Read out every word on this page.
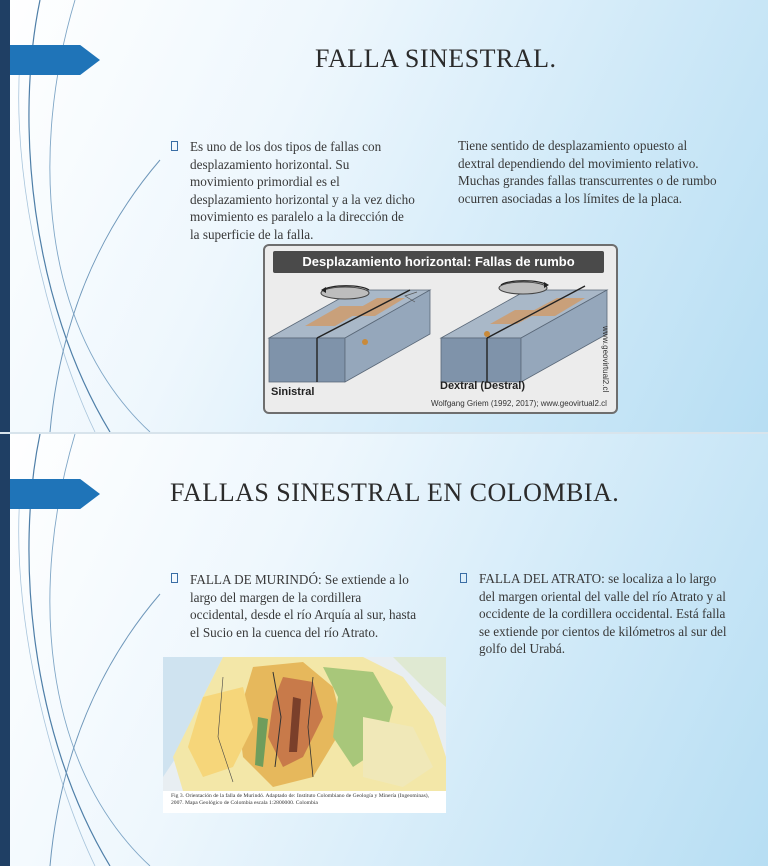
FALLA SINESTRAL.

Es uno de los dos tipos de fallas con desplazamiento horizontal. Su movimiento primordial es el desplazamiento horizontal y a la vez dicho movimiento es paralelo a la dirección de la superficie de la falla.

Tiene sentido de desplazamiento opuesto al dextral dependiendo del movimiento relativo. Muchas grandes fallas transcurrentes o de rumbo ocurren asociadas a los límites de la placa.

Desplazamiento horizontal: Fallas de rumbo
Sinistral	Dextral (Destral)
Wolfgang Griem (1992, 2017); www.geovirtual2.cl
www.geovirtual2.cl
FALLAS SINESTRAL EN COLOMBIA.

FALLA DE MURINDÓ: Se extiende a lo largo del margen de la cordillera occidental, desde el río Arquía al sur, hasta el Sucio en la cuenca del río Atrato.

FALLA DEL ATRATO: se localiza a lo largo del margen oriental del valle del río Atrato y al occidente de la cordillera occidental. Está falla se extiende por cientos de kilómetros al sur del golfo del Urabá.

Fig 3. Orientación de la falla de Murindó. Adaptado de: Instituto Colombiano de Geología y Minería (Ingeominas), 2007. Mapa Geológico de Colombia escala 1:2800000. Colombia
